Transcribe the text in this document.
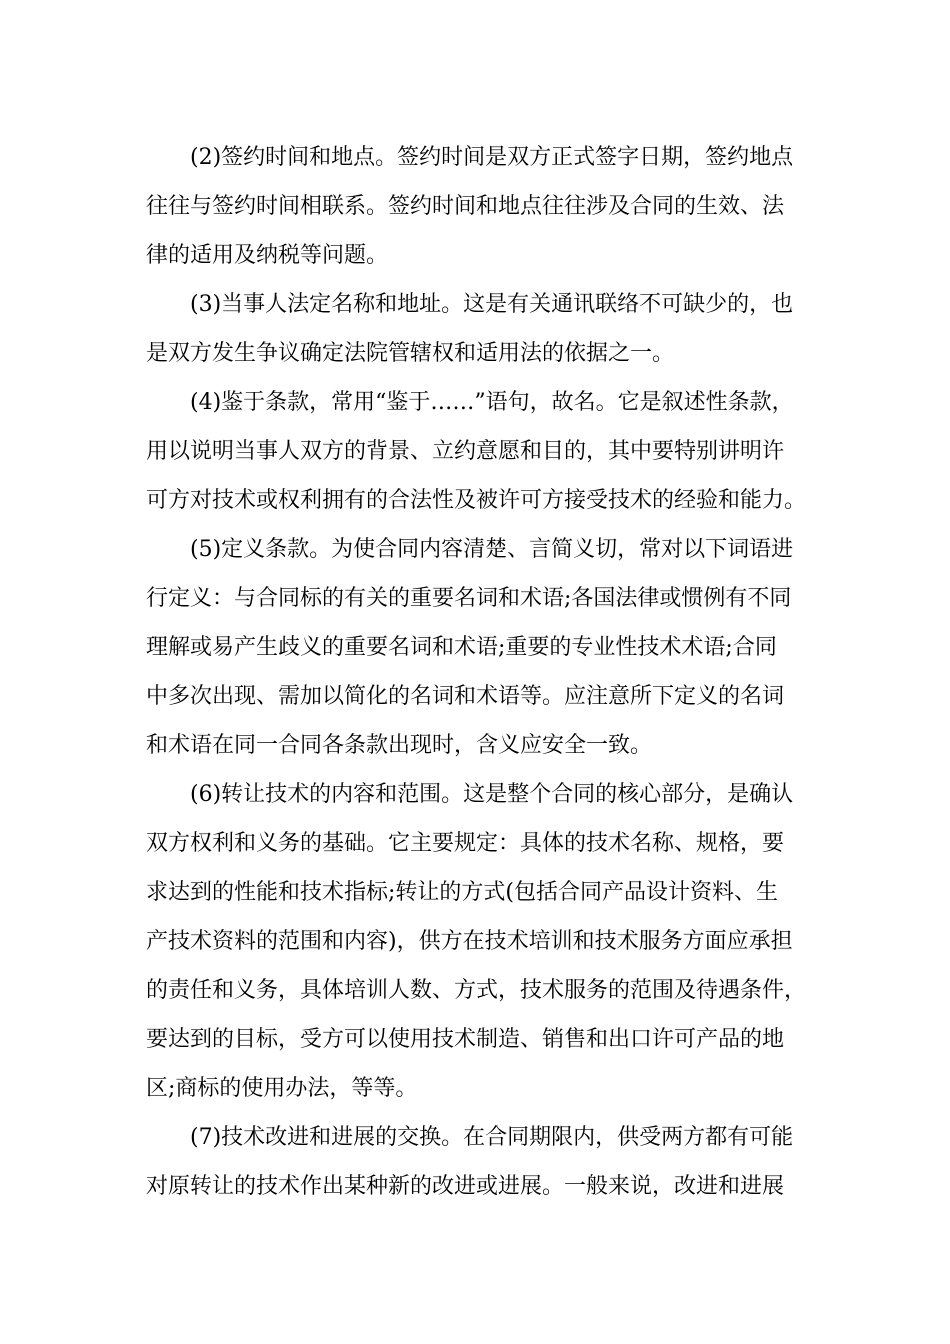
(2)签约时间和地点。签约时间是双方正式签字日期，签约地点
往往与签约时间相联系。签约时间和地点往往涉及合同的生效、法
律的适用及纳税等问题。
(3)当事人法定名称和地址。这是有关通讯联络不可缺少的，也
是双方发生争议确定法院管辖权和适用法的依据之一。
(4)鉴于条款，常用“鉴于……”语句，故名。它是叙述性条款，
用以说明当事人双方的背景、立约意愿和目的，其中要特别讲明许
可方对技术或权利拥有的合法性及被许可方接受技术的经验和能力。
(5)定义条款。为使合同内容清楚、言简义切，常对以下词语进
行定义：与合同标的有关的重要名词和术语;各国法律或惯例有不同
理解或易产生歧义的重要名词和术语;重要的专业性技术术语;合同
中多次出现、需加以简化的名词和术语等。应注意所下定义的名词
和术语在同一合同各条款出现时，含义应安全一致。
(6)转让技术的内容和范围。这是整个合同的核心部分，是确认
双方权利和义务的基础。它主要规定：具体的技术名称、规格，要
求达到的性能和技术指标;转让的方式(包括合同产品设计资料、生
产技术资料的范围和内容)，供方在技术培训和技术服务方面应承担
的责任和义务，具体培训人数、方式，技术服务的范围及待遇条件，
要达到的目标，受方可以使用技术制造、销售和出口许可产品的地
区;商标的使用办法，等等。
(7)技术改进和进展的交换。在合同期限内，供受两方都有可能
对原转让的技术作出某种新的改进或进展。一般来说，改进和进展
